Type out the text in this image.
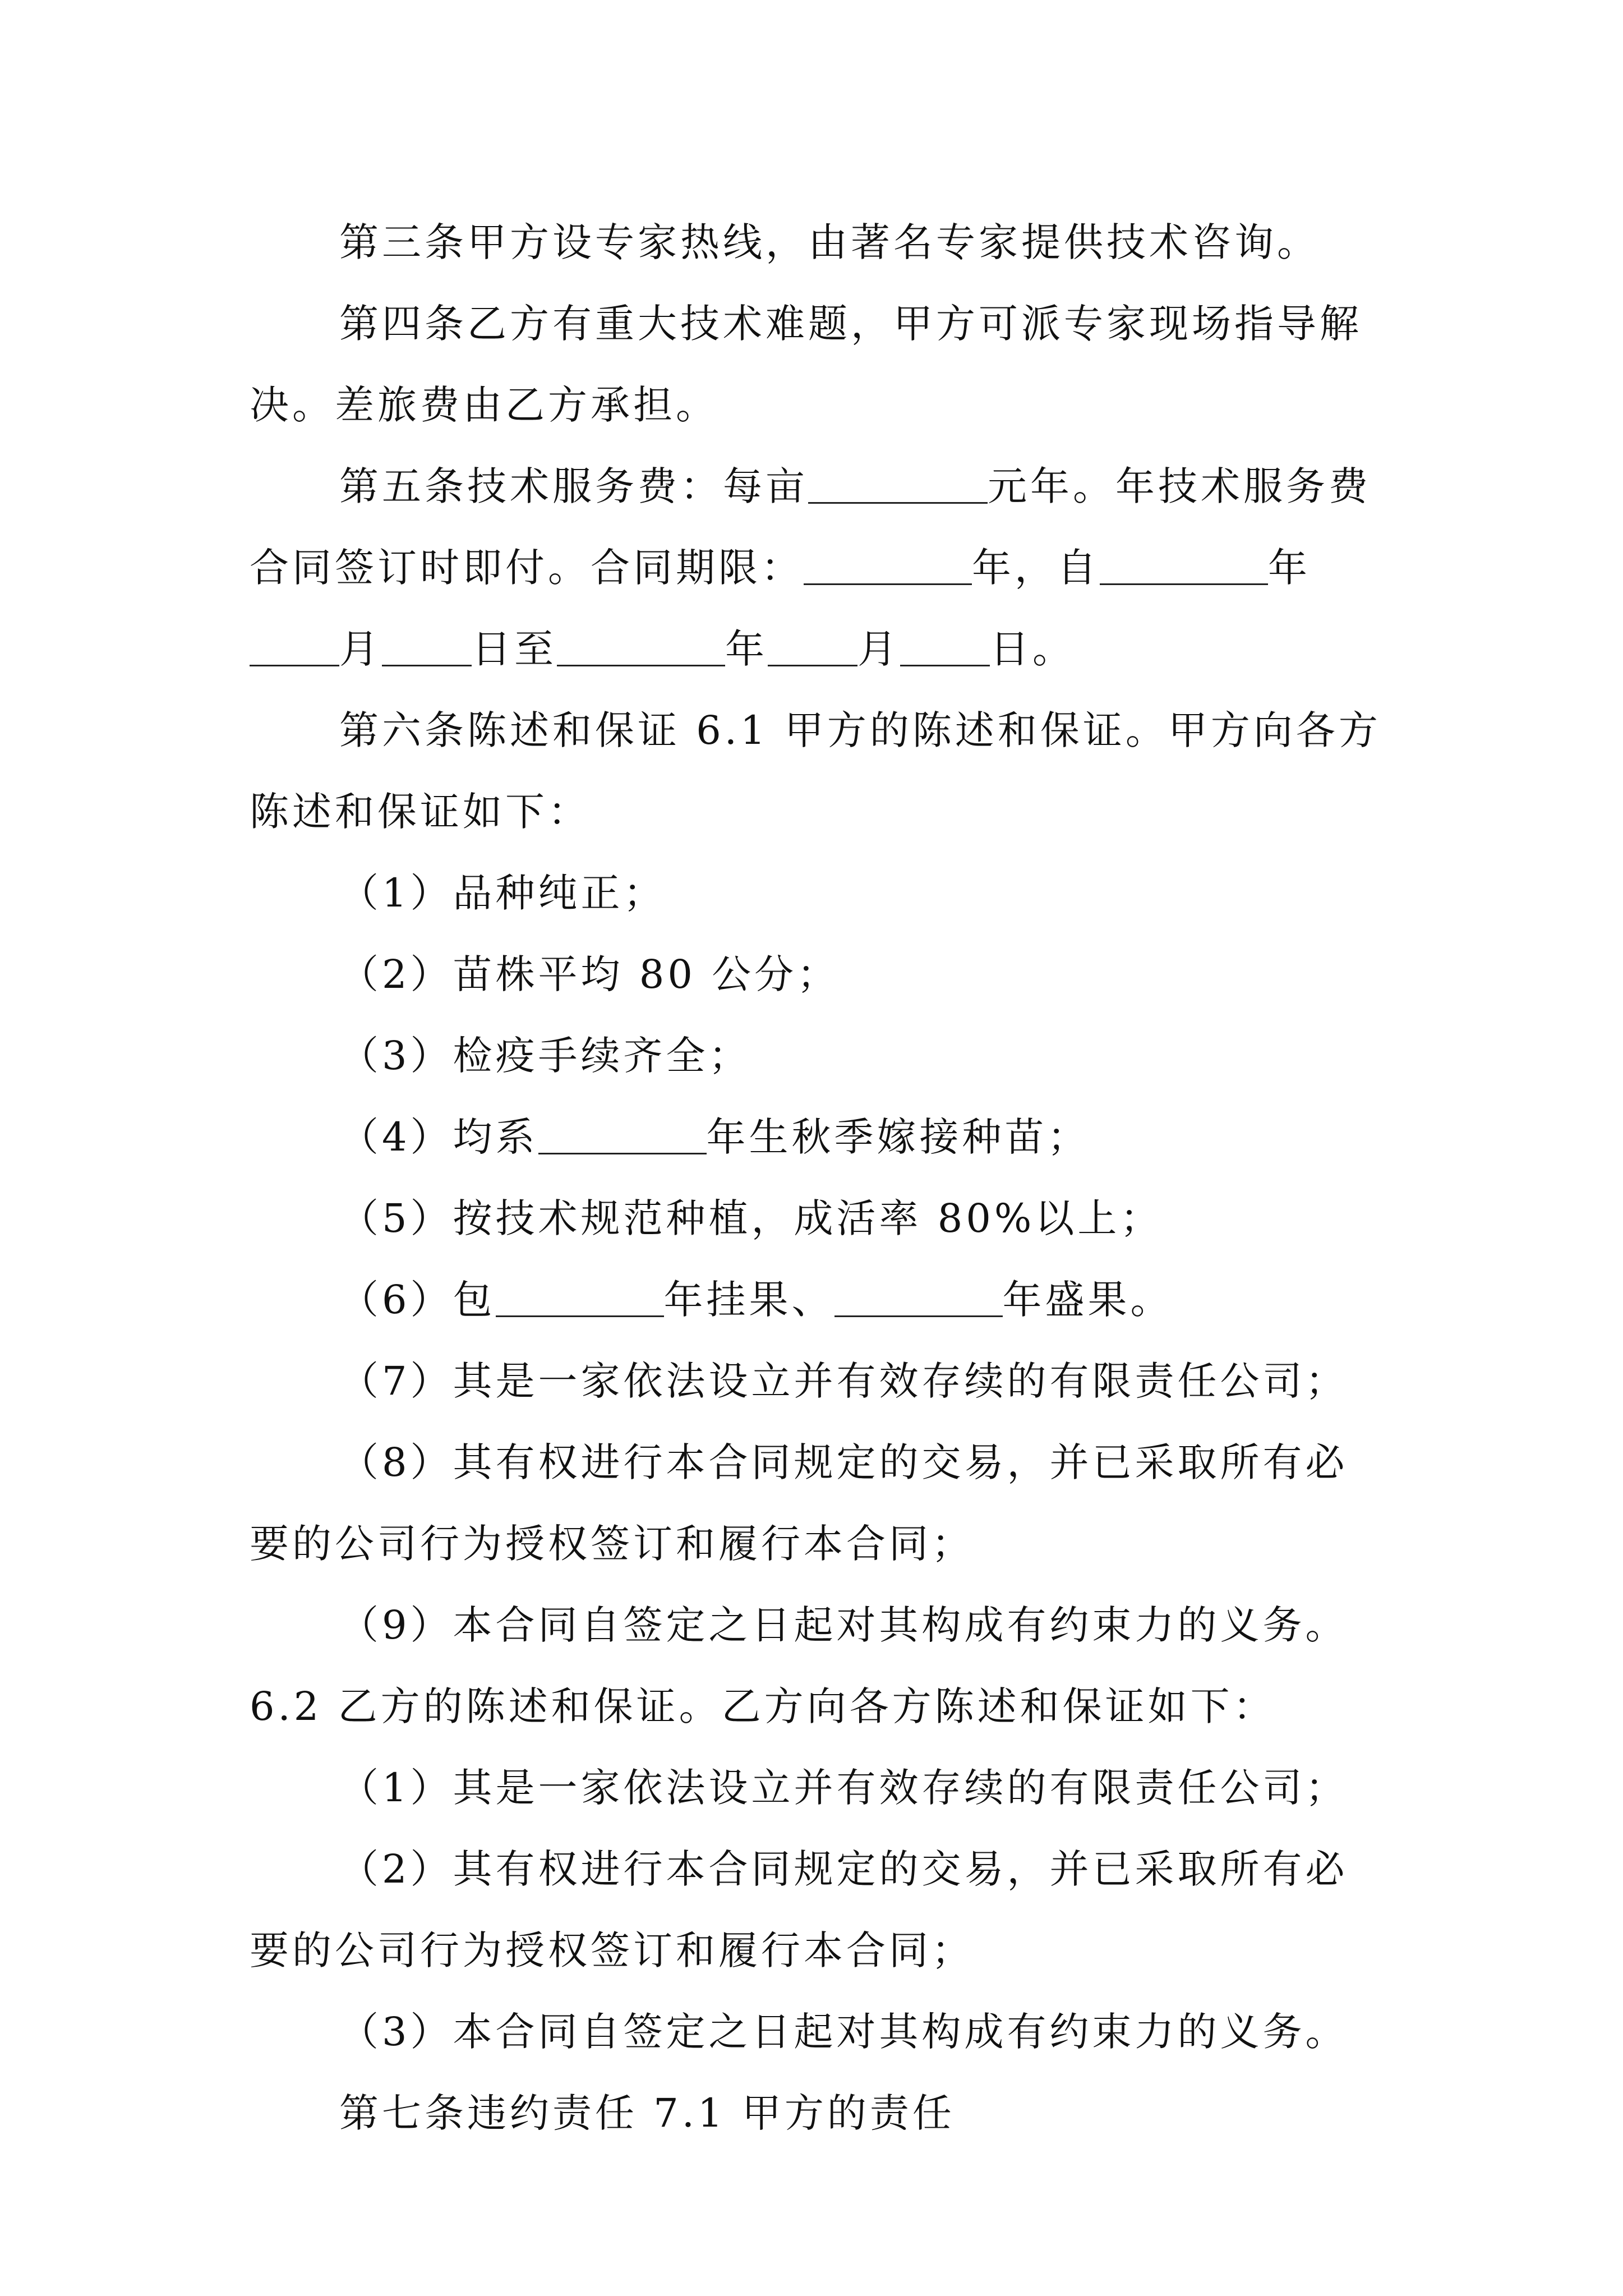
第三条甲方设专家热线，由著名专家提供技术咨询。

第四条乙方有重大技术难题，甲方可派专家现场指导解决。差旅费由乙方承担。

第五条技术服务费：每亩	元年。年技术服务费合同签订时即付。合同期限：	年，自	年月 日至	年 月 日。

第六条陈述和保证 6.1 甲方的陈述和保证。甲方向各方陈述和保证如下：

（1）品种纯正；

（2）苗株平均 80 公分；

（3）检疫手续齐全；

（4）均系	年生秋季嫁接种苗；

（5）按技术规范种植，成活率 80%以上；

（6）包	年挂果、	年盛果。

（7）其是一家依法设立并有效存续的有限责任公司；

（8）其有权进行本合同规定的交易，并已采取所有必要的公司行为授权签订和履行本合同；

（9）本合同自签定之日起对其构成有约束力的义务。6.2 乙方的陈述和保证。乙方向各方陈述和保证如下：

（1）其是一家依法设立并有效存续的有限责任公司；

（2）其有权进行本合同规定的交易，并已采取所有必要的公司行为授权签订和履行本合同；

（3）本合同自签定之日起对其构成有约束力的义务。

第七条违约责任 7.1 甲方的责任
